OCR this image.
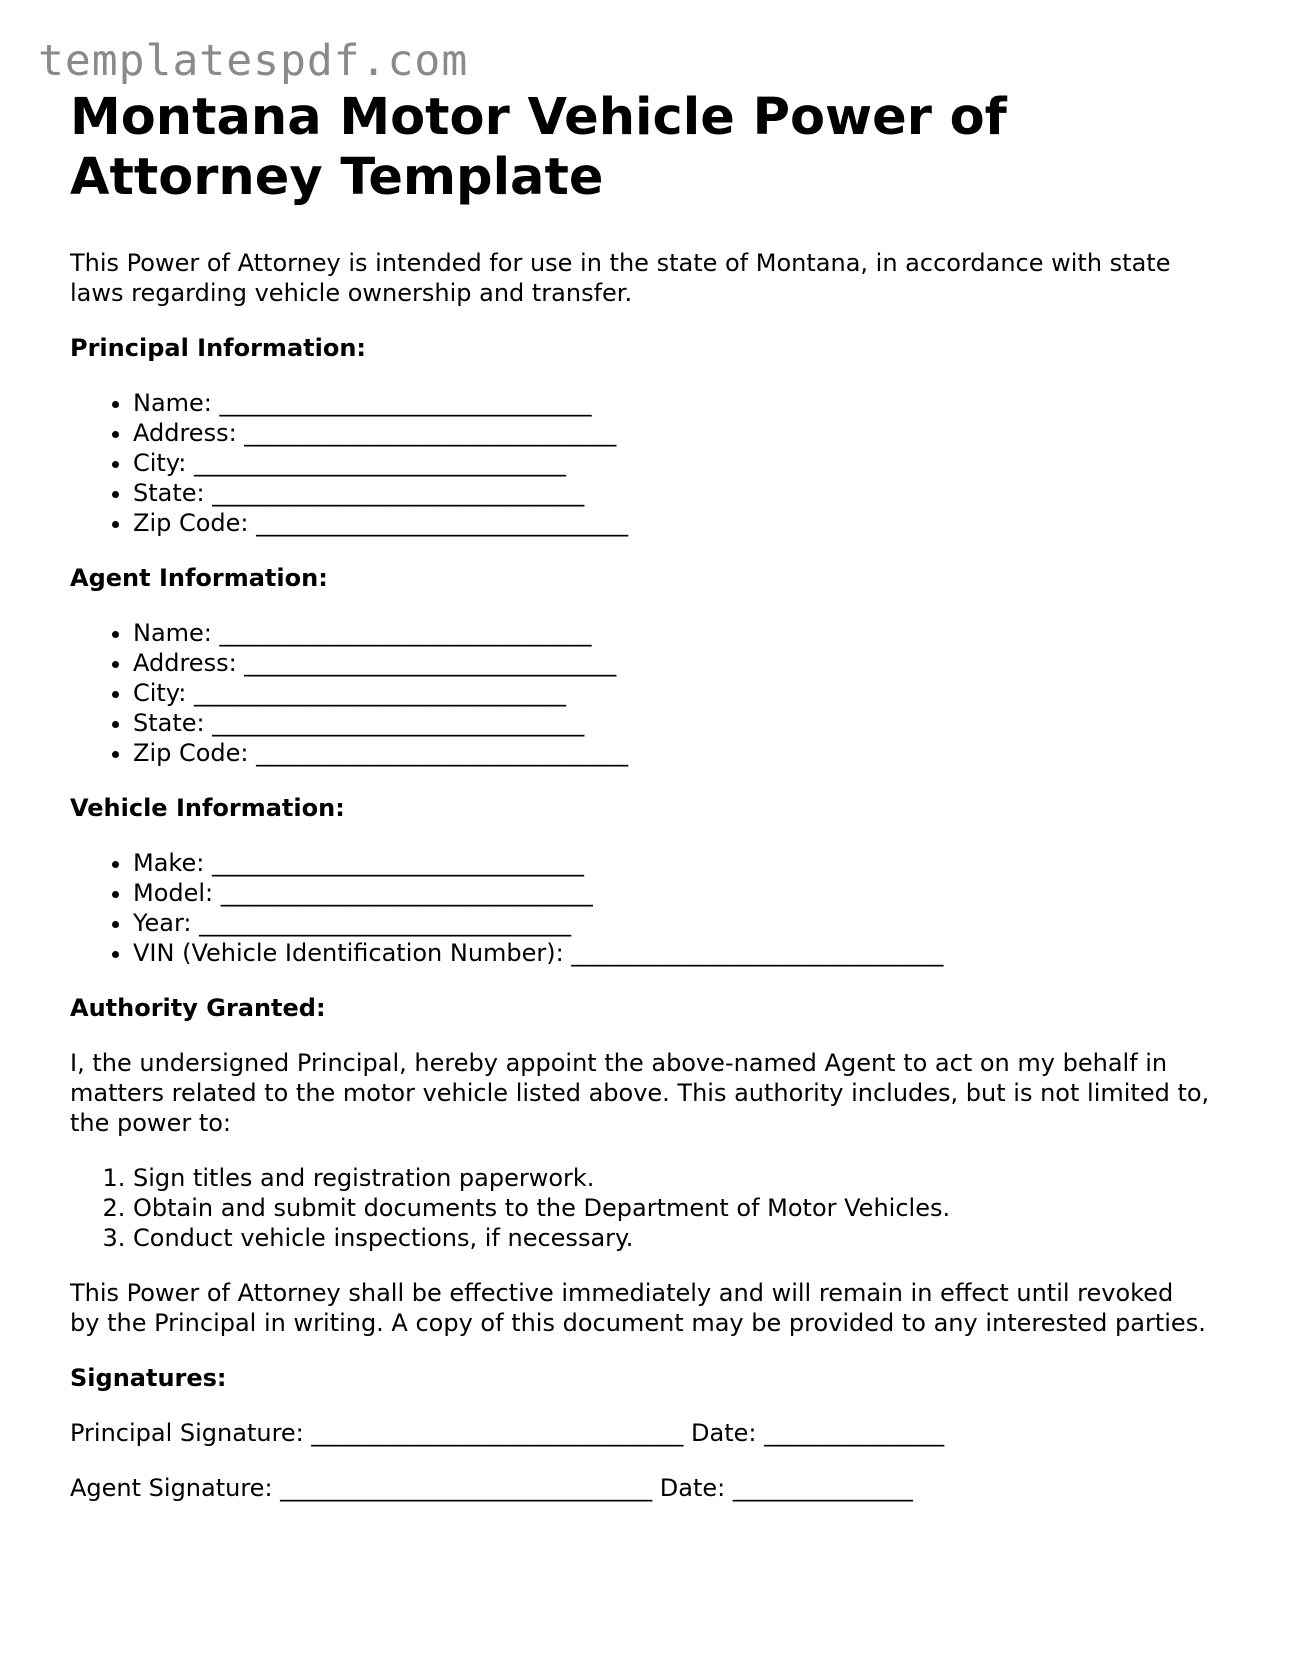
templatespdf.com
Montana Motor Vehicle Power of Attorney Template

This Power of Attorney is intended for use in the state of Montana, in accordance with state laws regarding vehicle ownership and transfer.

Principal Information:
• Name: _______________________________
• Address: _______________________________
• City: _______________________________
• State: _______________________________
• Zip Code: _______________________________
Agent Information:
• Name: _______________________________
• Address: _______________________________
• City: _______________________________
• State: _______________________________
• Zip Code: _______________________________
Vehicle Information:
• Make: _______________________________
• Model: _______________________________
• Year: _______________________________
• VIN (Vehicle Identification Number): _______________________________
Authority Granted:

I, the undersigned Principal, hereby appoint the above-named Agent to act on my behalf in matters related to the motor vehicle listed above. This authority includes, but is not limited to, the power to:

1. Sign titles and registration paperwork.
2. Obtain and submit documents to the Department of Motor Vehicles.
3. Conduct vehicle inspections, if necessary.

This Power of Attorney shall be effective immediately and will remain in effect until revoked by the Principal in writing. A copy of this document may be provided to any interested parties.

Signatures:

Principal Signature: _______________________________ Date: _______________

Agent Signature: _______________________________ Date: _______________
